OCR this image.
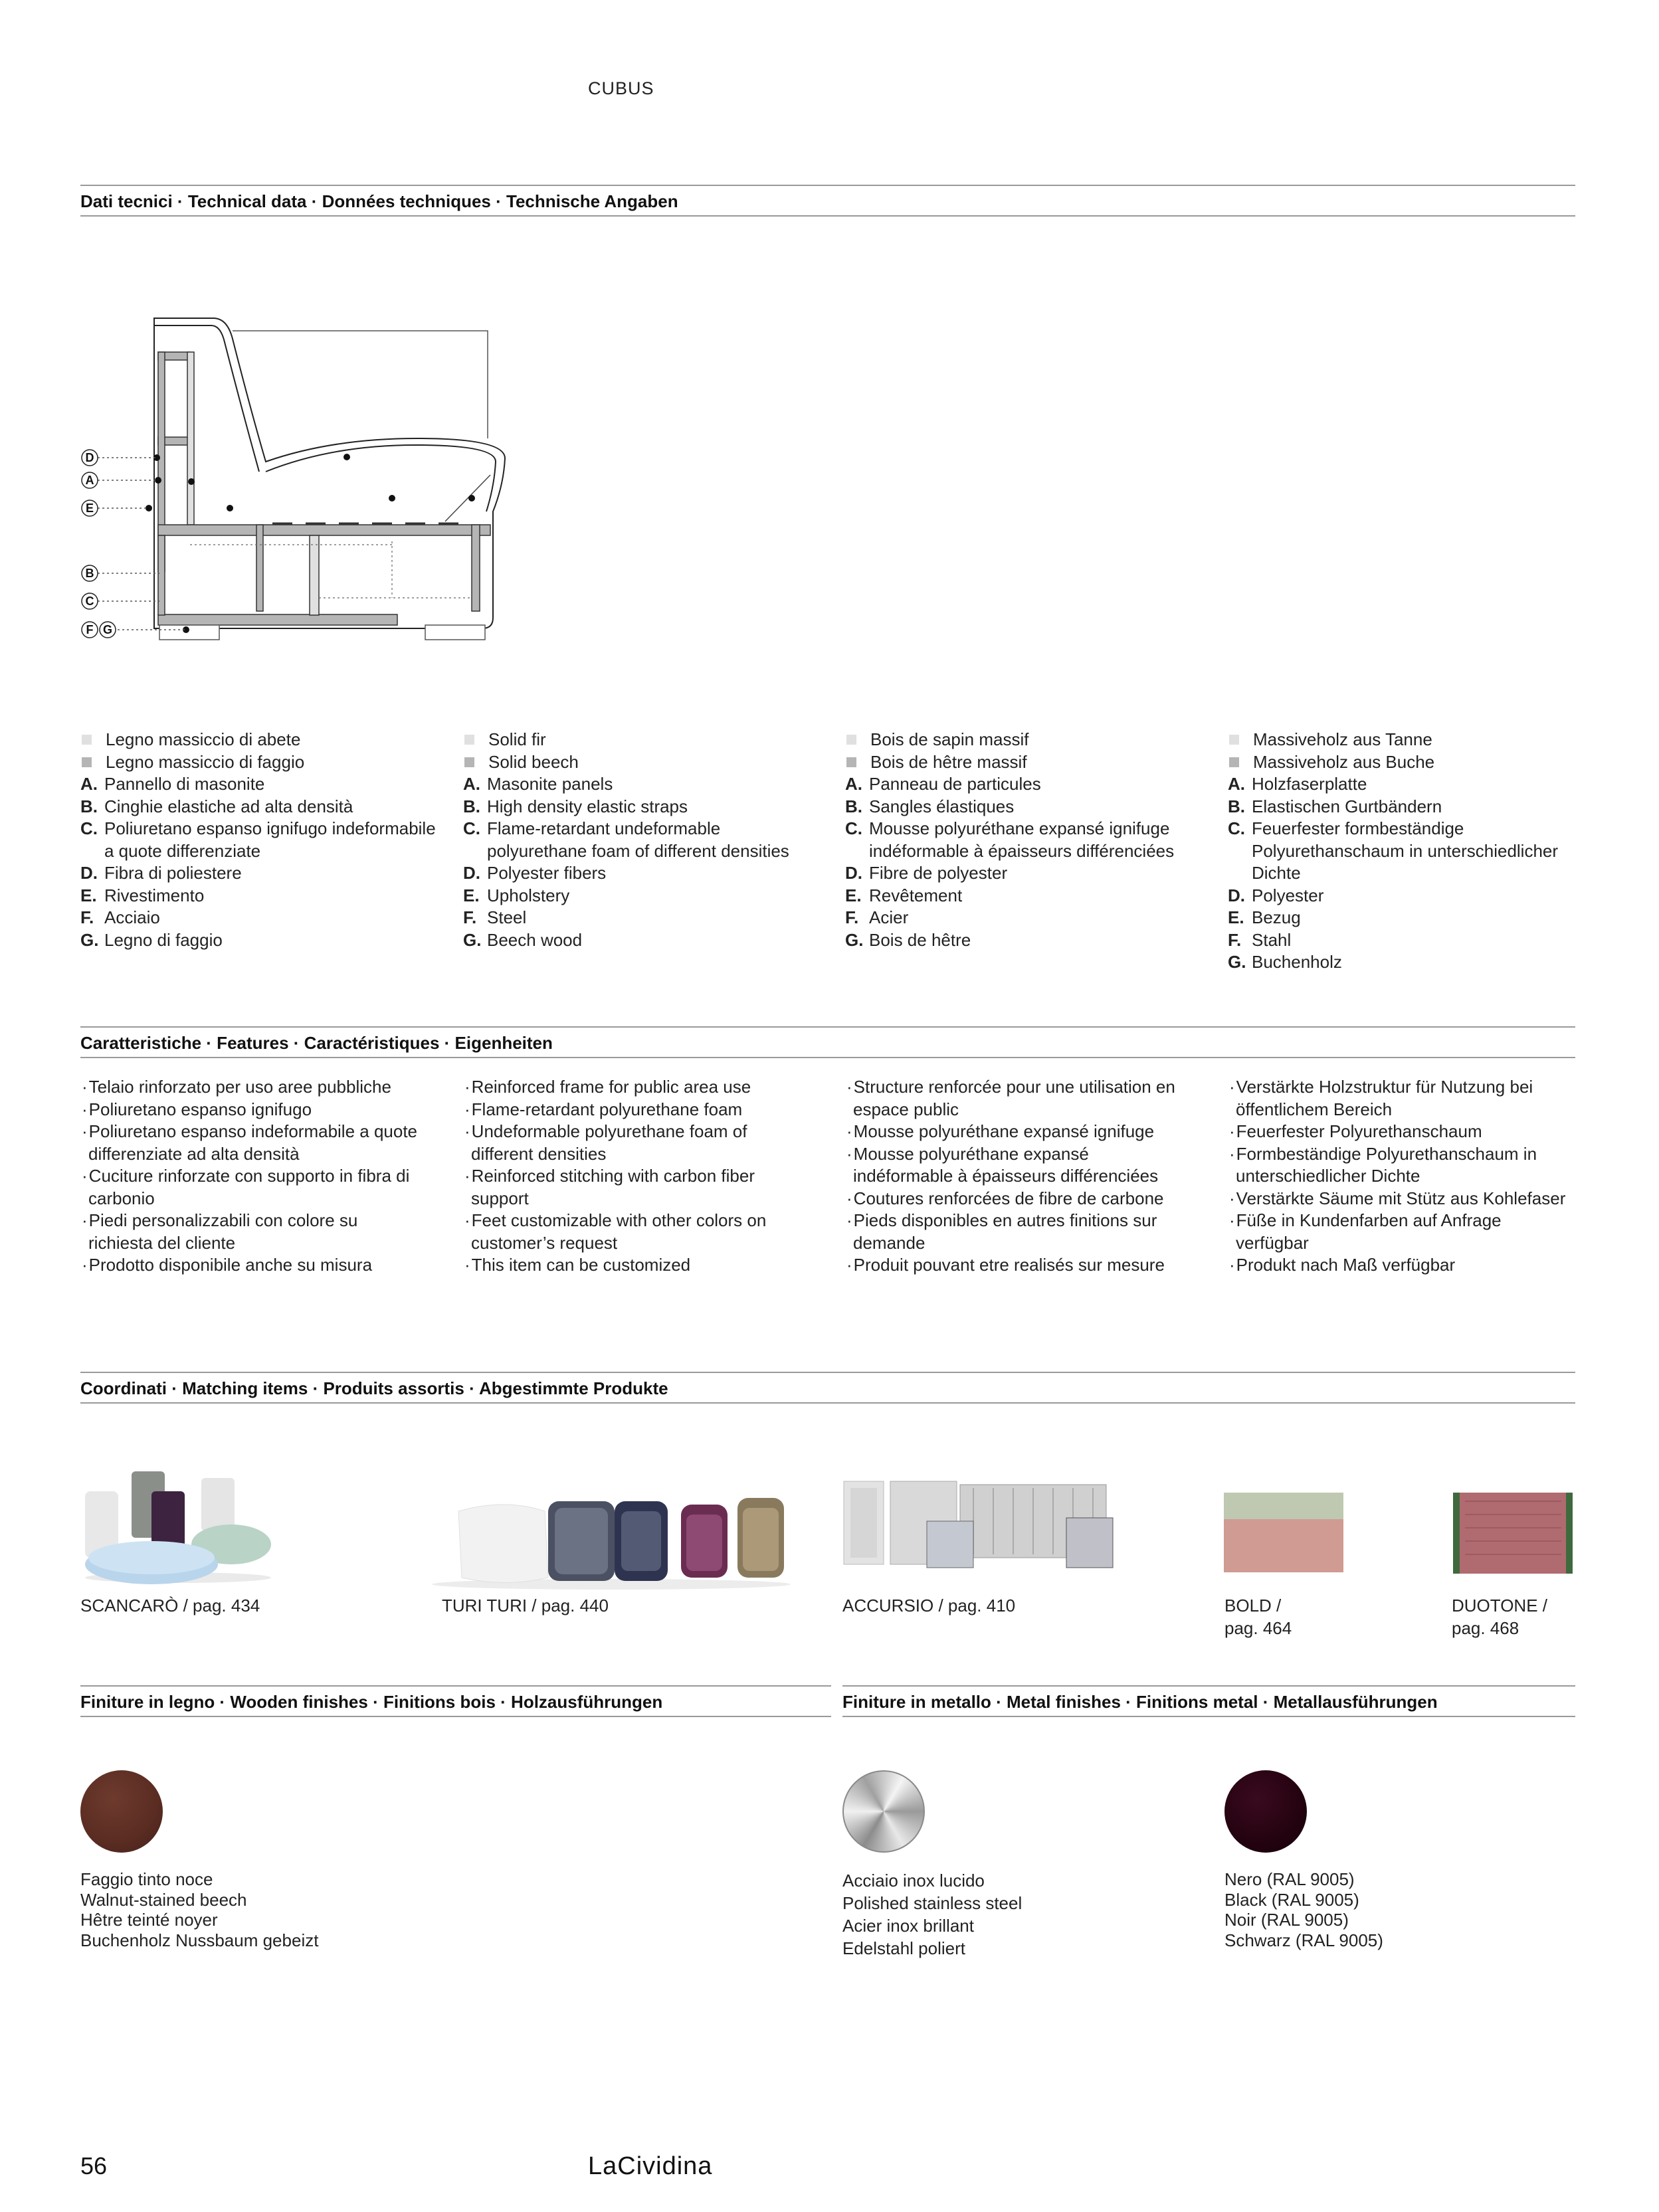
CUBUS
Dati tecnici · Technical data · Données techniques · Technische Angaben
D
A
E
B
C
F G
Legno massiccio di abete
Legno massiccio di faggio
A. Pannello di masonite
B. Cinghie elastiche ad alta densità
C. Poliuretano espanso ignifugo indeformabile a quote differenziate
D. Fibra di poliestere
E. Rivestimento
F. Acciaio
G. Legno di faggio
Solid fir
Solid beech
A. Masonite panels
B. High density elastic straps
C. Flame-retardant undeformable polyurethane foam of different densities
D. Polyester fibers
E. Upholstery
F. Steel
G. Beech wood
Bois de sapin massif
Bois de hêtre massif
A. Panneau de particules
B. Sangles élastiques
C. Mousse polyuréthane expansé ignifuge indéformable à épaisseurs différenciées
D. Fibre de polyester
E. Revêtement
F. Acier
G. Bois de hêtre
Massiveholz aus Tanne
Massiveholz aus Buche
A. Holzfaserplatte
B. Elastischen Gurtbändern
C. Feuerfester formbeständige Polyurethanschaum in unterschiedlicher Dichte
D. Polyester
E. Bezug
F. Stahl
G. Buchenholz
Caratteristiche · Features · Caractéristiques · Eigenheiten
· Telaio rinforzato per uso aree pubbliche
· Poliuretano espanso ignifugo
· Poliuretano espanso indeformabile a quote differenziate ad alta densità
· Cuciture rinforzate con supporto in fibra di carbonio
· Piedi personalizzabili con colore su richiesta del cliente
· Prodotto disponibile anche su misura
· Reinforced frame for public area use
· Flame-retardant polyurethane foam
· Undeformable polyurethane foam of different densities
· Reinforced stitching with carbon fiber support
· Feet customizable with other colors on customer’s request
· This item can be customized
· Structure renforcée pour une utilisation en espace public
· Mousse polyuréthane expansé ignifuge
· Mousse polyuréthane expansé indéformable à épaisseurs différenciées
· Coutures renforcées de fibre de carbone
· Pieds disponibles en autres finitions sur demande
· Produit pouvant etre realisés sur mesure
· Verstärkte Holzstruktur für Nutzung bei öffentlichem Bereich
· Feuerfester Polyurethanschaum
· Formbeständige Polyurethanschaum in unterschiedlicher Dichte
· Verstärkte Säume mit Stütz aus Kohlefaser
· Füße in Kundenfarben auf Anfrage verfügbar
· Produkt nach Maß verfügbar
Coordinati · Matching items · Produits assortis · Abgestimmte Produkte
SCANCARÒ / pag. 434	TURI TURI / pag. 440	ACCURSIO / pag. 410	BOLD /
pag. 464
DUOTONE /
pag. 468
Finiture in legno · Wooden finishes · Finitions bois · Holzausführungen	Finiture in metallo · Metal finishes · Finitions metal · Metallausführungen
Faggio tinto noce
Walnut-stained beech
Hêtre teinté noyer
Buchenholz Nussbaum gebeizt
Acciaio inox lucido
Polished stainless steel
Acier inox brillant
Edelstahl poliert
Nero (RAL 9005)
Black (RAL 9005)
Noir (RAL 9005)
Schwarz (RAL 9005)
56	LaCividina
